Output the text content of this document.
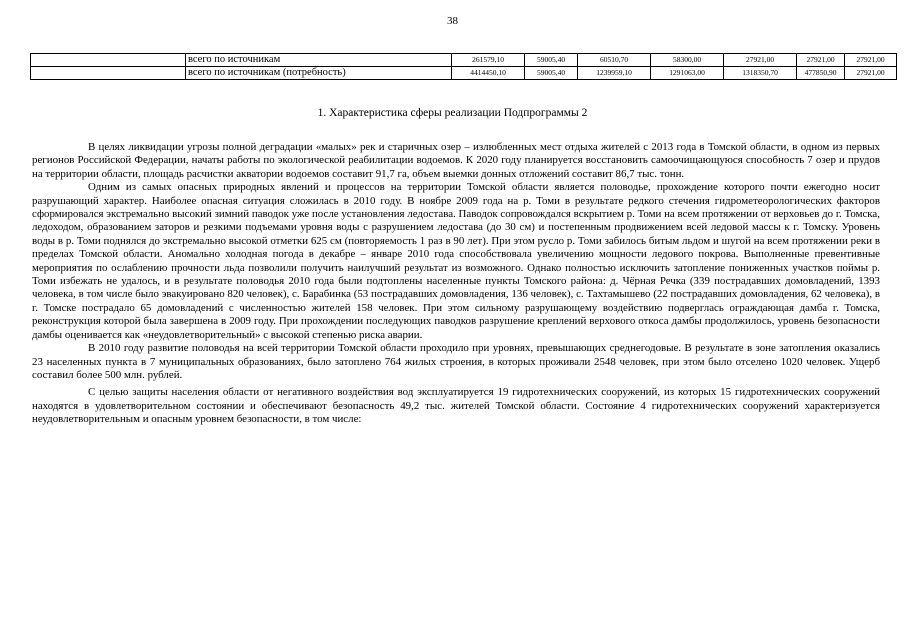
38
	всего по источникам	261579,10	59005,40	60510,70	58300,00	27921,00	27921,00	27921,00
	всего по источникам (потребность)	4414450,10	59005,40	1239959,10	1291063,00	1318350,70	477850,90	27921,00
1. Характеристика сферы реализации Подпрограммы 2

В целях ликвидации угрозы полной деградации «малых» рек и старичных озер – излюбленных мест отдыха жителей с 2013 года в Томской области, в одном из первых регионов Российской Федерации, начаты работы по экологической реабилитации водоемов. К 2020 году планируется восстановить самоочищающуюся способность 7 озер и прудов на территории области, площадь расчистки акватории водоемов составит 91,7 га, объем выемки донных отложений составит 86,7 тыс. тонн.

Одним из самых опасных природных явлений и процессов на территории Томской области является половодье, прохождение которого почти ежегодно носит разрушающий характер. Наиболее опасная ситуация сложилась в 2010 году. В ноябре 2009 года на р. Томи в результате редкого стечения гидрометеорологических факторов сформировался экстремально высокий зимний паводок уже после установления ледостава. Паводок сопровождался вскрытием р. Томи на всем протяжении от верховьев до г. Томска, ледоходом, образованием заторов и резкими подъемами уровня воды с разрушением ледостава (до 30 см) и постепенным продвижением всей ледовой массы к г. Томску. Уровень воды в р. Томи поднялся до экстремально высокой отметки 625 см (повторяемость 1 раз в 90 лет). При этом русло р. Томи забилось битым льдом и шугой на всем протяжении реки в пределах Томской области. Аномально холодная погода в декабре – январе 2010 года способствовала увеличению мощности ледового покрова. Выполненные превентивные мероприятия по ослаблению прочности льда позволили получить наилучший результат из возможного. Однако полностью исключить затопление пониженных участков поймы р. Томи избежать не удалось, и в результате половодья 2010 года были подтоплены населенные пункты Томского района: д. Чёрная Речка (339 пострадавших домовладений, 1393 человека, в том числе было эвакуировано 820 человек), с. Барабинка (53 пострадавших домовладения, 136 человек), с. Тахтамышево (22 пострадавших домовладения, 62 человека), в г. Томске пострадало 65 домовладений с численностью жителей 158 человек. При этом сильному разрушающему воздействию подверглась ограждающая дамба г. Томска, реконструкция которой была завершена в 2009 году. При прохождении последующих паводков разрушение креплений верхового откоса дамбы продолжилось, уровень безопасности дамбы оценивается как «неудовлетворительный» с высокой степенью риска аварии.

В 2010 году развитие половодья на всей территории Томской области проходило при уровнях, превышающих среднегодовые. В результате в зоне затопления оказались 23 населенных пункта в 7 муниципальных образованиях, было затоплено 764 жилых строения, в которых проживали 2548 человек, при этом было отселено 1020 человек. Ущерб составил более 500 млн. рублей.

С целью защиты населения области от негативного воздействия вод эксплуатируется 19 гидротехнических сооружений, из которых 15 гидротехнических сооружений находятся в удовлетворительном состоянии и обеспечивают безопасность 49,2 тыс. жителей Томской области. Состояние 4 гидротехнических сооружений характеризуется неудовлетворительным и опасным уровнем безопасности, в том числе:
